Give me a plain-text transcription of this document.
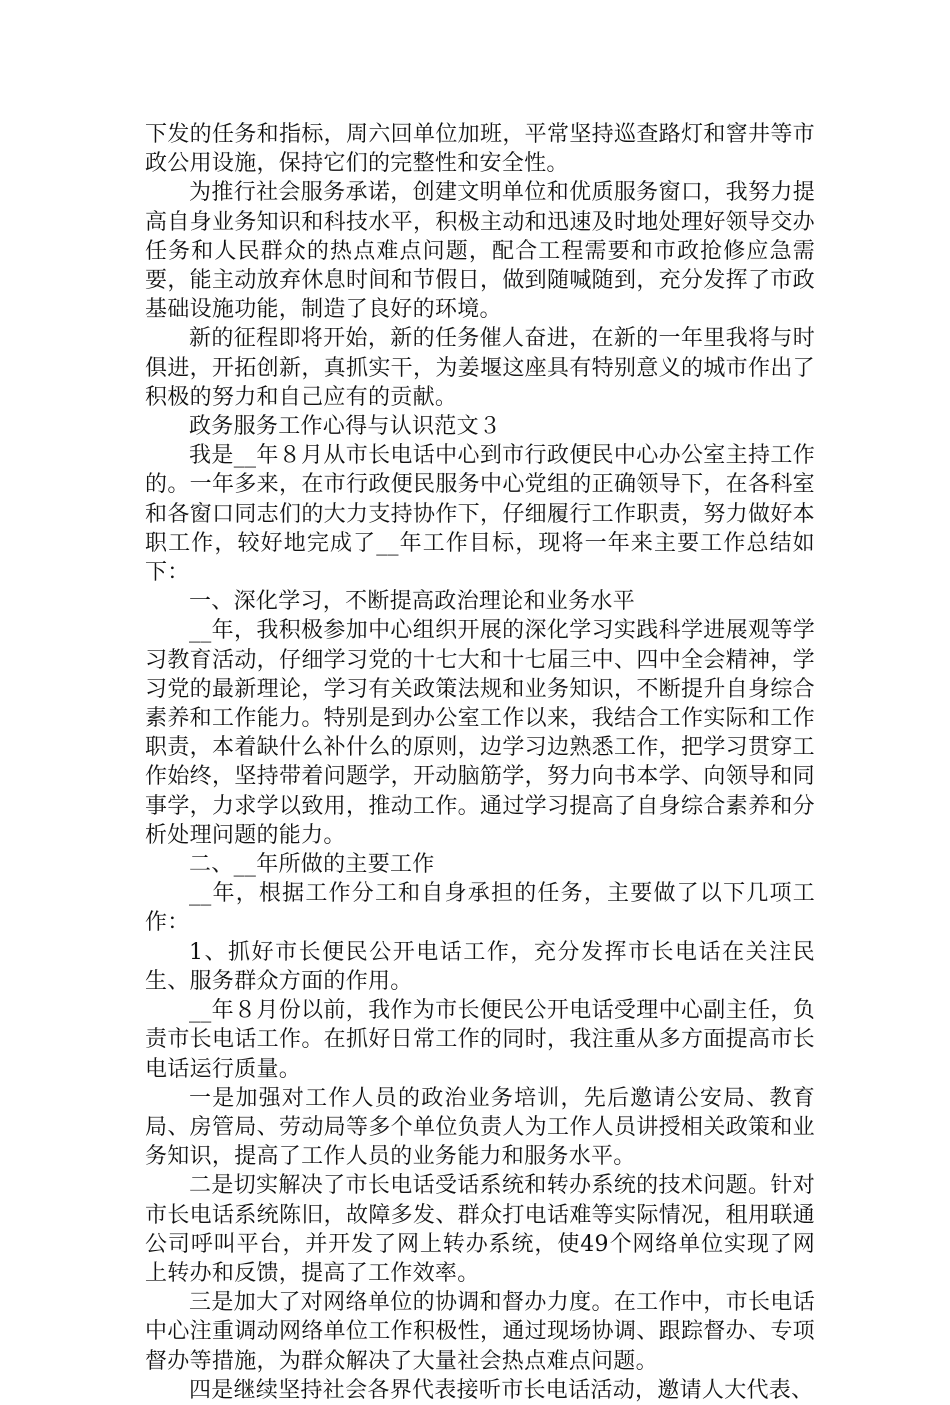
下发的任务和指标，周六回单位加班，平常坚持巡查路灯和窨井等市政公用设施，保持它们的完整性和安全性。

为推行社会服务承诺，创建文明单位和优质服务窗口，我努力提高自身业务知识和科技水平，积极主动和迅速及时地处理好领导交办任务和人民群众的热点难点问题，配合工程需要和市政抢修应急需要，能主动放弃休息时间和节假日，做到随喊随到，充分发挥了市政基础设施功能，制造了良好的环境。

新的征程即将开始，新的任务催人奋进，在新的一年里我将与时俱进，开拓创新，真抓实干，为姜堰这座具有特别意义的城市作出了积极的努力和自己应有的贡献。

政务服务工作心得与认识范文３

我是__年８月从市长电话中心到市行政便民中心办公室主持工作的。一年多来，在市行政便民服务中心党组的正确领导下，在各科室和各窗口同志们的大力支持协作下，仔细履行工作职责，努力做好本职工作，较好地完成了__年工作目标，现将一年来主要工作总结如下：

一、深化学习，不断提高政治理论和业务水平

__年，我积极参加中心组织开展的深化学习实践科学进展观等学习教育活动，仔细学习党的十七大和十七届三中、四中全会精神，学习党的最新理论，学习有关政策法规和业务知识，不断提升自身综合素养和工作能力。特别是到办公室工作以来，我结合工作实际和工作职责，本着缺什么补什么的原则，边学习边熟悉工作，把学习贯穿工作始终，坚持带着问题学，开动脑筋学，努力向书本学、向领导和同事学，力求学以致用，推动工作。通过学习提高了自身综合素养和分析处理问题的能力。

二、__年所做的主要工作

__年，根据工作分工和自身承担的任务，主要做了以下几项工作：

1、抓好市长便民公开电话工作，充分发挥市长电话在关注民生、服务群众方面的作用。

__年８月份以前，我作为市长便民公开电话受理中心副主任，负责市长电话工作。在抓好日常工作的同时，我注重从多方面提高市长电话运行质量。

一是加强对工作人员的政治业务培训，先后邀请公安局、教育局、房管局、劳动局等多个单位负责人为工作人员讲授相关政策和业务知识，提高了工作人员的业务能力和服务水平。

二是切实解决了市长电话受话系统和转办系统的技术问题。针对市长电话系统陈旧，故障多发、群众打电话难等实际情况，租用联通公司呼叫平台，并开发了网上转办系统，使49个网络单位实现了网上转办和反馈，提高了工作效率。

三是加大了对网络单位的协调和督办力度。在工作中，市长电话中心注重调动网络单位工作积极性，通过现场协调、跟踪督办、专项督办等措施，为群众解决了大量社会热点难点问题。

四是继续坚持社会各界代表接听市长电话活动，邀请人大代表、
